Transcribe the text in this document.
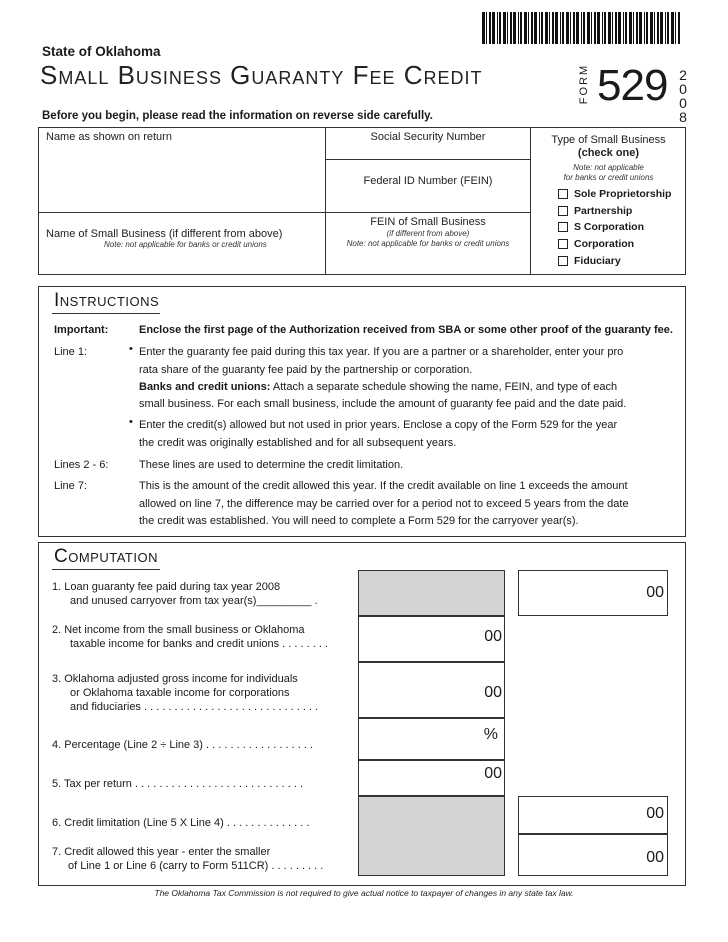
State of Oklahoma
Small Business Guaranty Fee Credit
Before you begin, please read the information on reverse side carefully.
FORM 529 2
0
0
8
Name as shown on return	Social Security Number
Federal ID Number (FEIN)
FEIN of Small Business
(if different from above)
Note: not applicable for banks or credit unions
Name of Small Business (if different from above)
Note: not applicable for banks or credit unions
Type of Small Business
(check one)
Note: not applicable
for banks or credit unions
Sole Proprietorship
Partnership
S Corporation
Corporation
Fiduciary
Instructions
Important:	Enclose the first page of the Authorization received from SBA or some other proof of the guaranty fee.
Line 1:	• Enter the guaranty fee paid during this tax year. If you are a partner or a shareholder, enter your pro
rata share of the guaranty fee paid by the partnership or corporation.
Banks and credit unions: Attach a separate schedule showing the name, FEIN, and type of each
small business. For each small business, include the amount of guaranty fee paid and the date paid.
• Enter the credit(s) allowed but not used in prior years. Enclose a copy of the Form 529 for the year
the credit was originally established and for all subsequent years.
Lines 2 - 6:	These lines are used to determine the credit limitation.
Line 7:	This is the amount of the credit allowed this year. If the credit available on line 1 exceeds the amount
allowed on line 7, the difference may be carried over for a period not to exceed 5 years from the date
the credit was established. You will need to complete a Form 529 for the carryover year(s).
Computation
1. Loan guaranty fee paid during tax year 2008
and unused carryover from tax year(s)_________ .	00
2. Net income from the small business or Oklahoma
taxable income for banks and credit unions . . . . . . . .	00
3. Oklahoma adjusted gross income for individuals
or Oklahoma taxable income for corporations
and fiduciaries . . . . . . . . . . . . . . . . . . . . . . . . . . . . .
00
4. Percentage (Line 2 ÷ Line 3) . . . . . . . . . . . . . . . . . .
%
5. Tax per return . . . . . . . . . . . . . . . . . . . . . . . . . . . .
00
6. Credit limitation (Line 5 X Line 4) . . . . . . . . . . . . . .
00
7. Credit allowed this year - enter the smaller
of Line 1 or Line 6 (carry to Form 511CR) . . . . . . . . .	00
The Oklahoma Tax Commission is not required to give actual notice to taxpayer of changes in any state tax law.
